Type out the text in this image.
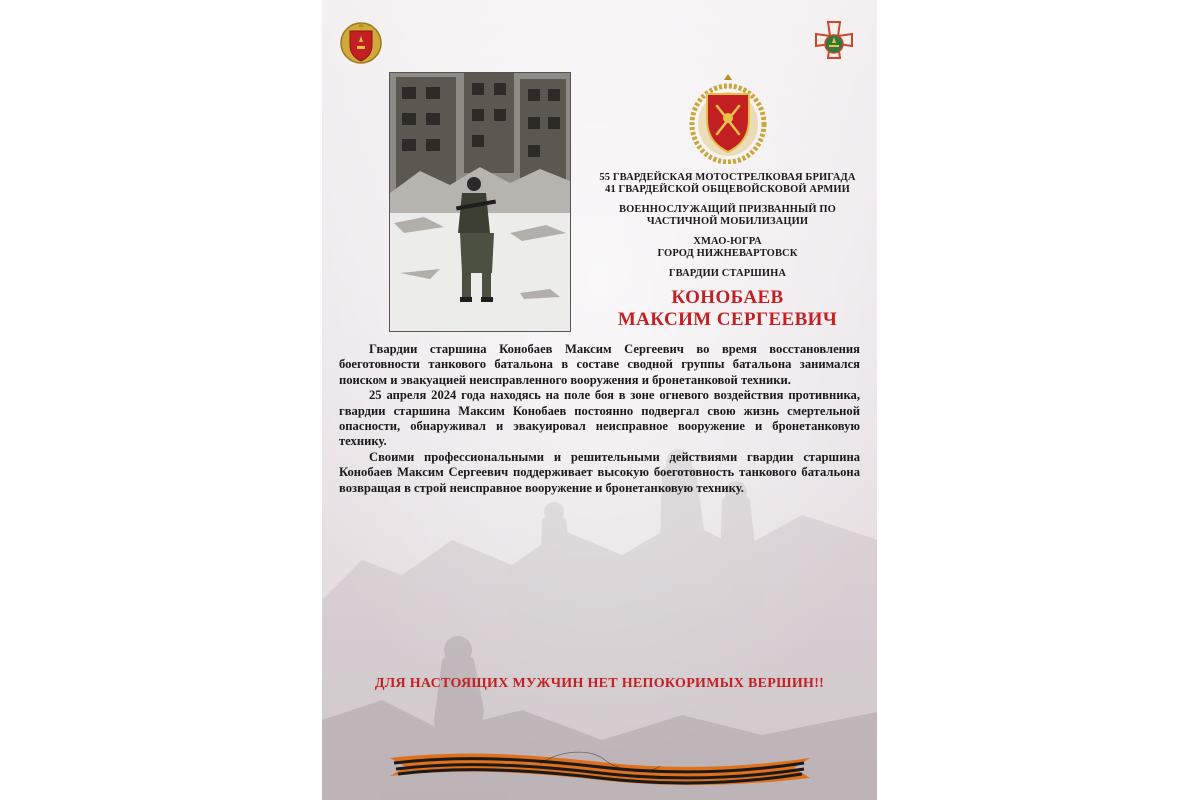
55 ГВАРДЕЙСКАЯ МОТОСТРЕЛКОВАЯ БРИГАДА
41 ГВАРДЕЙСКОЙ ОБЩЕВОЙСКОВОЙ АРМИИ
ВОЕННОСЛУЖАЩИЙ ПРИЗВАННЫЙ ПО
ЧАСТИЧНОЙ МОБИЛИЗАЦИИ
ХМАО-ЮГРА
ГОРОД НИЖНЕВАРТОВСК
ГВАРДИИ СТАРШИНА
КОНОБАЕВ
МАКСИМ СЕРГЕЕВИЧ

Гвардии старшина Конобаев Максим Сергеевич во время восстановления боеготовности танкового батальона в составе сводной группы батальона занимался поиском и эвакуацией неисправленного вооружения и бронетанковой техники.

25 апреля 2024 года находясь на поле боя в зоне огневого воздействия противника, гвардии старшина Максим Конобаев постоянно подвергал свою жизнь смертельной опасности, обнаруживал и эвакуировал неисправное вооружение и бронетанковую технику.

Своими профессиональными и решительными действиями гвардии старшина Конобаев Максим Сергеевич поддерживает высокую боеготовность танкового батальона возвращая в строй неисправное вооружение и бронетанковую технику.

ДЛЯ НАСТОЯЩИХ МУЖЧИН НЕТ НЕПОКОРИМЫХ ВЕРШИН!!
